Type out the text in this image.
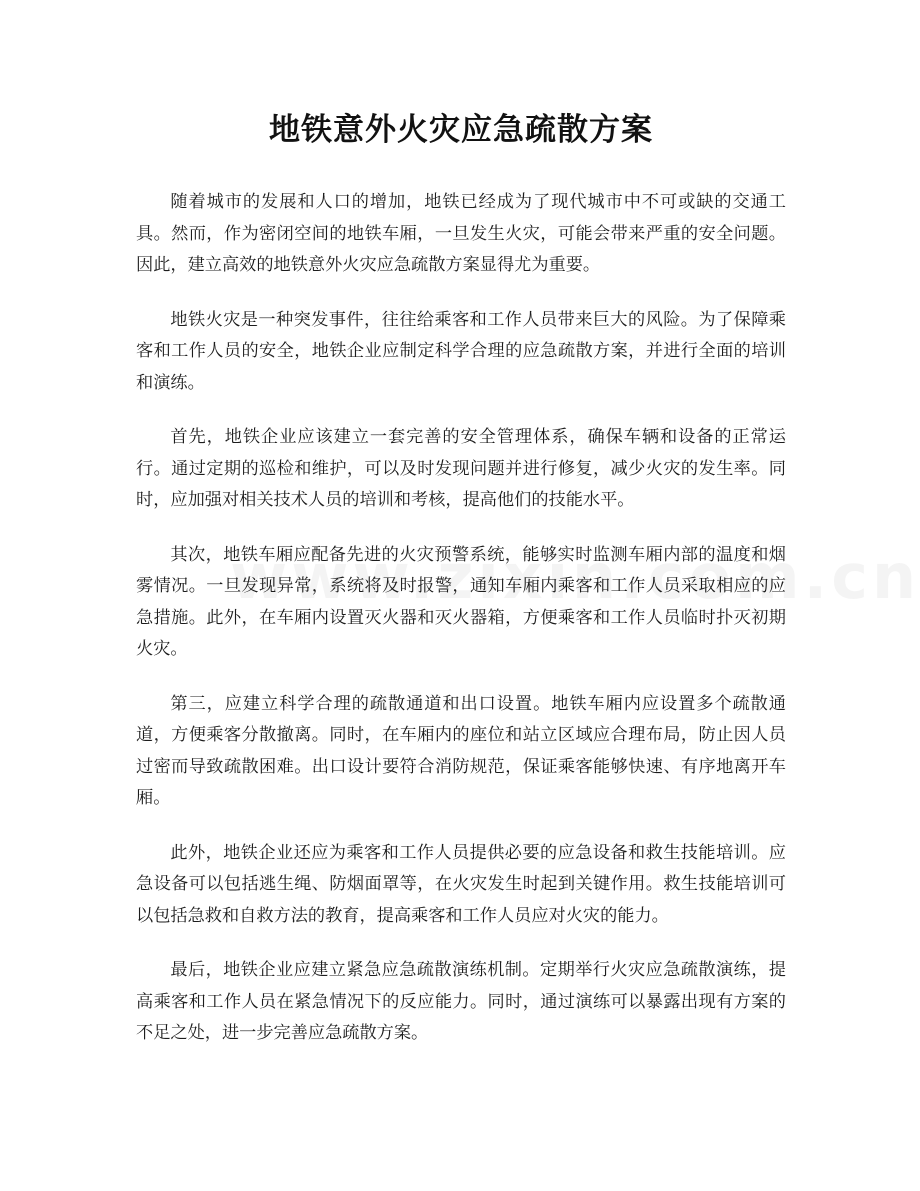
地铁意外火灾应急疏散方案

随着城市的发展和人口的增加，地铁已经成为了现代城市中不可或缺的交通工具。然而，作为密闭空间的地铁车厢，一旦发生火灾，可能会带来严重的安全问题。因此，建立高效的地铁意外火灾应急疏散方案显得尤为重要。

地铁火灾是一种突发事件，往往给乘客和工作人员带来巨大的风险。为了保障乘客和工作人员的安全，地铁企业应制定科学合理的应急疏散方案，并进行全面的培训和演练。

首先，地铁企业应该建立一套完善的安全管理体系，确保车辆和设备的正常运行。通过定期的巡检和维护，可以及时发现问题并进行修复，减少火灾的发生率。同时，应加强对相关技术人员的培训和考核，提高他们的技能水平。

其次，地铁车厢应配备先进的火灾预警系统，能够实时监测车厢内部的温度和烟雾情况。一旦发现异常，系统将及时报警，通知车厢内乘客和工作人员采取相应的应急措施。此外，在车厢内设置灭火器和灭火器箱，方便乘客和工作人员临时扑灭初期火灾。

第三，应建立科学合理的疏散通道和出口设置。地铁车厢内应设置多个疏散通道，方便乘客分散撤离。同时，在车厢内的座位和站立区域应合理布局，防止因人员过密而导致疏散困难。出口设计要符合消防规范，保证乘客能够快速、有序地离开车厢。

此外，地铁企业还应为乘客和工作人员提供必要的应急设备和救生技能培训。应急设备可以包括逃生绳、防烟面罩等，在火灾发生时起到关键作用。救生技能培训可以包括急救和自救方法的教育，提高乘客和工作人员应对火灾的能力。

最后，地铁企业应建立紧急应急疏散演练机制。定期举行火灾应急疏散演练，提高乘客和工作人员在紧急情况下的反应能力。同时，通过演练可以暴露出现有方案的不足之处，进一步完善应急疏散方案。
